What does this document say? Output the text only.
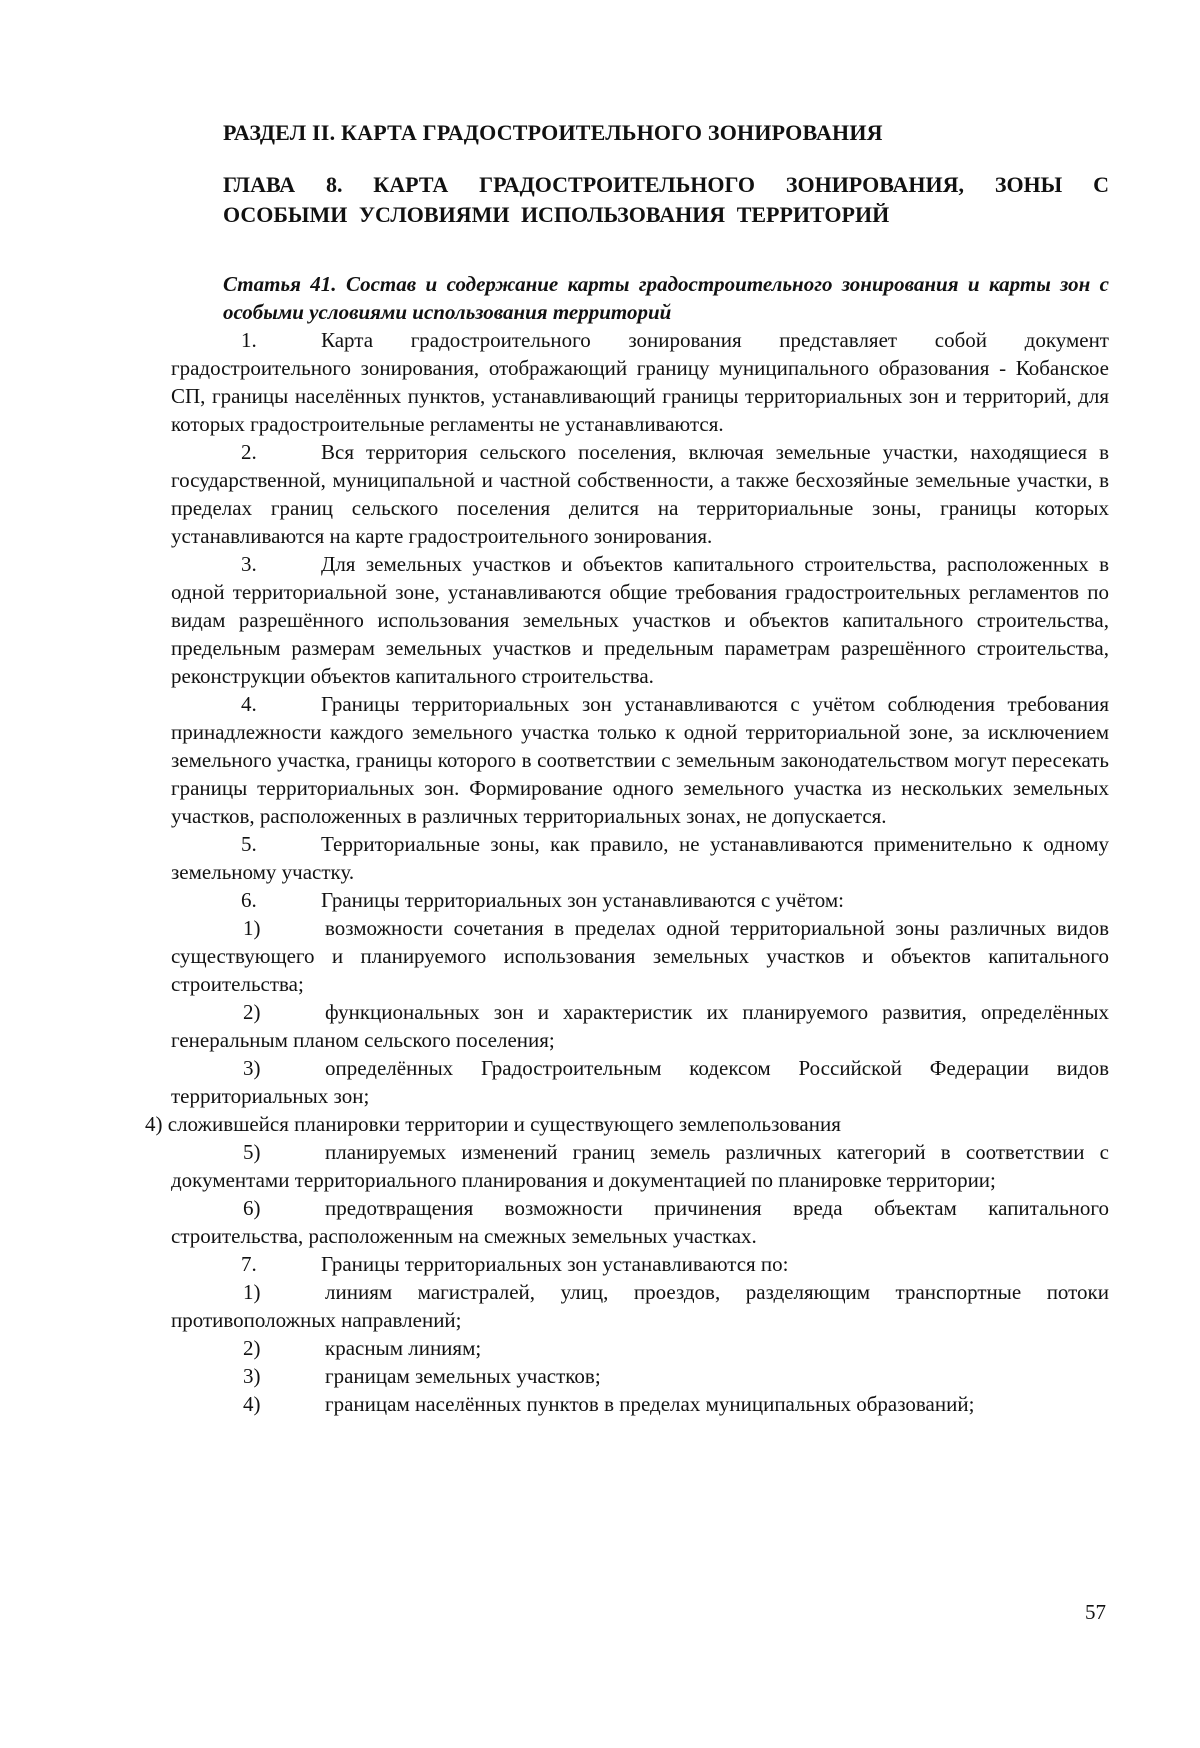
РАЗДЕЛ II. КАРТА ГРАДОСТРОИТЕЛЬНОГО ЗОНИРОВАНИЯ
ГЛАВА 8. КАРТА ГРАДОСТРОИТЕЛЬНОГО ЗОНИРОВАНИЯ, ЗОНЫ С ОСОБЫМИ УСЛОВИЯМИ ИСПОЛЬЗОВАНИЯ ТЕРРИТОРИЙ
Статья 41. Состав и содержание карты градостроительного зонирования и карты зон с особыми условиями использования территорий

1.	Карта градостроительного зонирования представляет собой документ градостроительного зонирования, отображающий границу муниципального образования - Кобанское СП, границы населённых пунктов, устанавливающий границы территориальных зон и территорий, для которых градостроительные регламенты не устанавливаются.

2.	Вся территория сельского поселения, включая земельные участки, находящиеся в государственной, муниципальной и частной собственности, а также бесхозяйные земельные участки, в пределах границ сельского поселения делится на территориальные зоны, границы которых устанавливаются на карте градостроительного зонирования.

3.	Для земельных участков и объектов капитального строительства, расположенных в одной территориальной зоне, устанавливаются общие требования градостроительных регламентов по видам разрешённого использования земельных участков и объектов капитального строительства, предельным размерам земельных участков и предельным параметрам разрешённого строительства, реконструкции объектов капитального строительства.

4.	Границы территориальных зон устанавливаются с учётом соблюдения требования принадлежности каждого земельного участка только к одной территориальной зоне, за исключением земельного участка, границы которого в соответствии с земельным законодательством могут пересекать границы территориальных зон. Формирование одного земельного участка из нескольких земельных участков, расположенных в различных территориальных зонах, не допускается.

5.	Территориальные зоны, как правило, не устанавливаются применительно к одному земельному участку.

6.	Границы территориальных зон устанавливаются с учётом:

1)	возможности сочетания в пределах одной территориальной зоны различных видов существующего и планируемого использования земельных участков и объектов капитального строительства;

2)	функциональных зон и характеристик их планируемого развития, определённых генеральным планом сельского поселения;

3)	определённых Градостроительным кодексом Российской Федерации видов территориальных зон;

4) сложившейся планировки территории и существующего землепользования

5)	планируемых изменений границ земель различных категорий в соответствии с документами территориального планирования и документацией по планировке территории;

6)	предотвращения возможности причинения вреда объектам капитального строительства, расположенным на смежных земельных участках.

7.	Границы территориальных зон устанавливаются по:

1)	линиям магистралей, улиц, проездов, разделяющим транспортные потоки противоположных направлений;

2)	красным линиям;

3)	границам земельных участков;

4)	границам населённых пунктов в пределах муниципальных образований;

57
